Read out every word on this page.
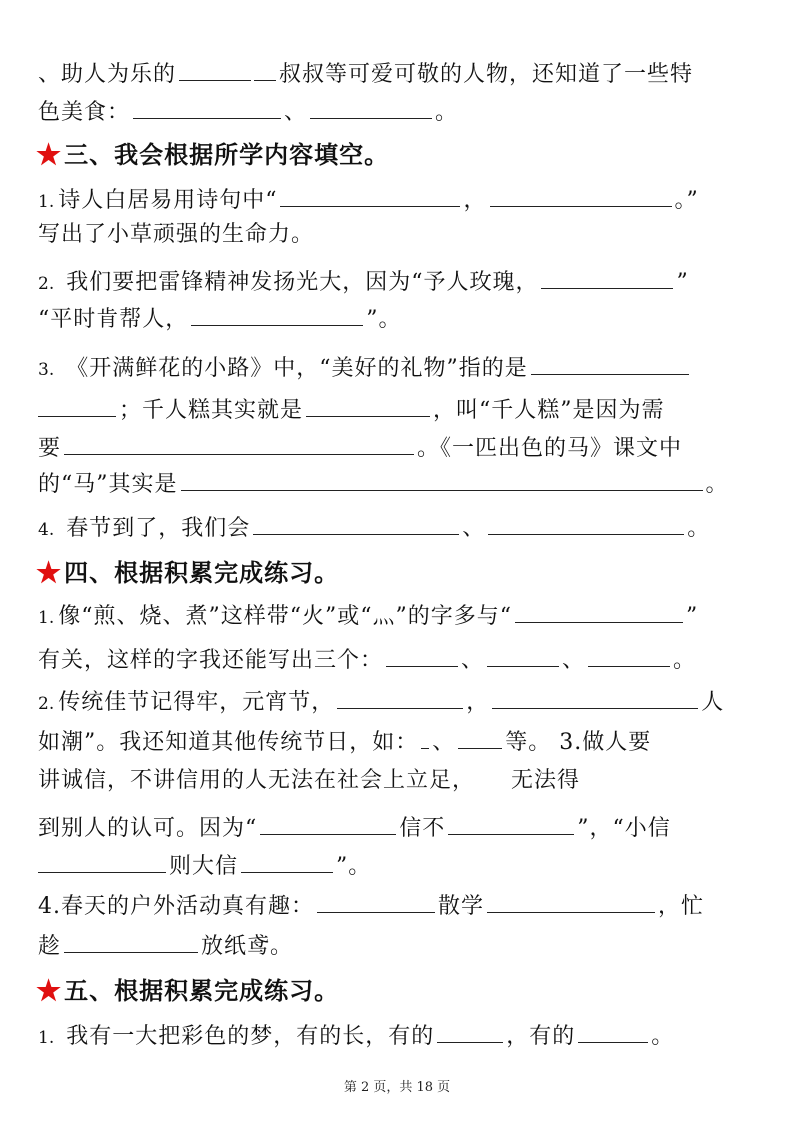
、助人为乐的	叔叔等可爱可敬的人物，还知道了一些特
色美食：	、	。
★三、我会根据所学内容填空。
1. 诗人白居易用诗句中“	，	。”
写出了小草顽强的生命力。
2. 我们要把雷锋精神发扬光大，因为“予人玫瑰，	”
“平时肯帮人，	”。
3. 《开满鲜花的小路》中，“美好的礼物”指的是
；千人糕其实就是	，叫“千人糕”是因为需
要	。《一匹出色的马》课文中
的“马”其实是	。
4. 春节到了，我们会	、	。
★四、根据积累完成练习。
1. 像“煎、烧、煮”这样带“火”或“灬”的字多与“	”
有关，这样的字我还能写出三个：	、	、	。
2. 传统佳节记得牢，元宵节，	，	人
如潮”。我还知道其他传统节日，如： 、 等。 3.做人要
讲诚信，不讲信用的人无法在社会上立足， 无法得
到别人的认可。因为“	信不	”，“小信
则大信	”。
4.春天的户外活动真有趣：	散学	，忙
趁	放纸鸢。
★五、根据积累完成练习。
1. 我有一大把彩色的梦，有的长，有的	，有的	。
第 2 页，共 18 页
